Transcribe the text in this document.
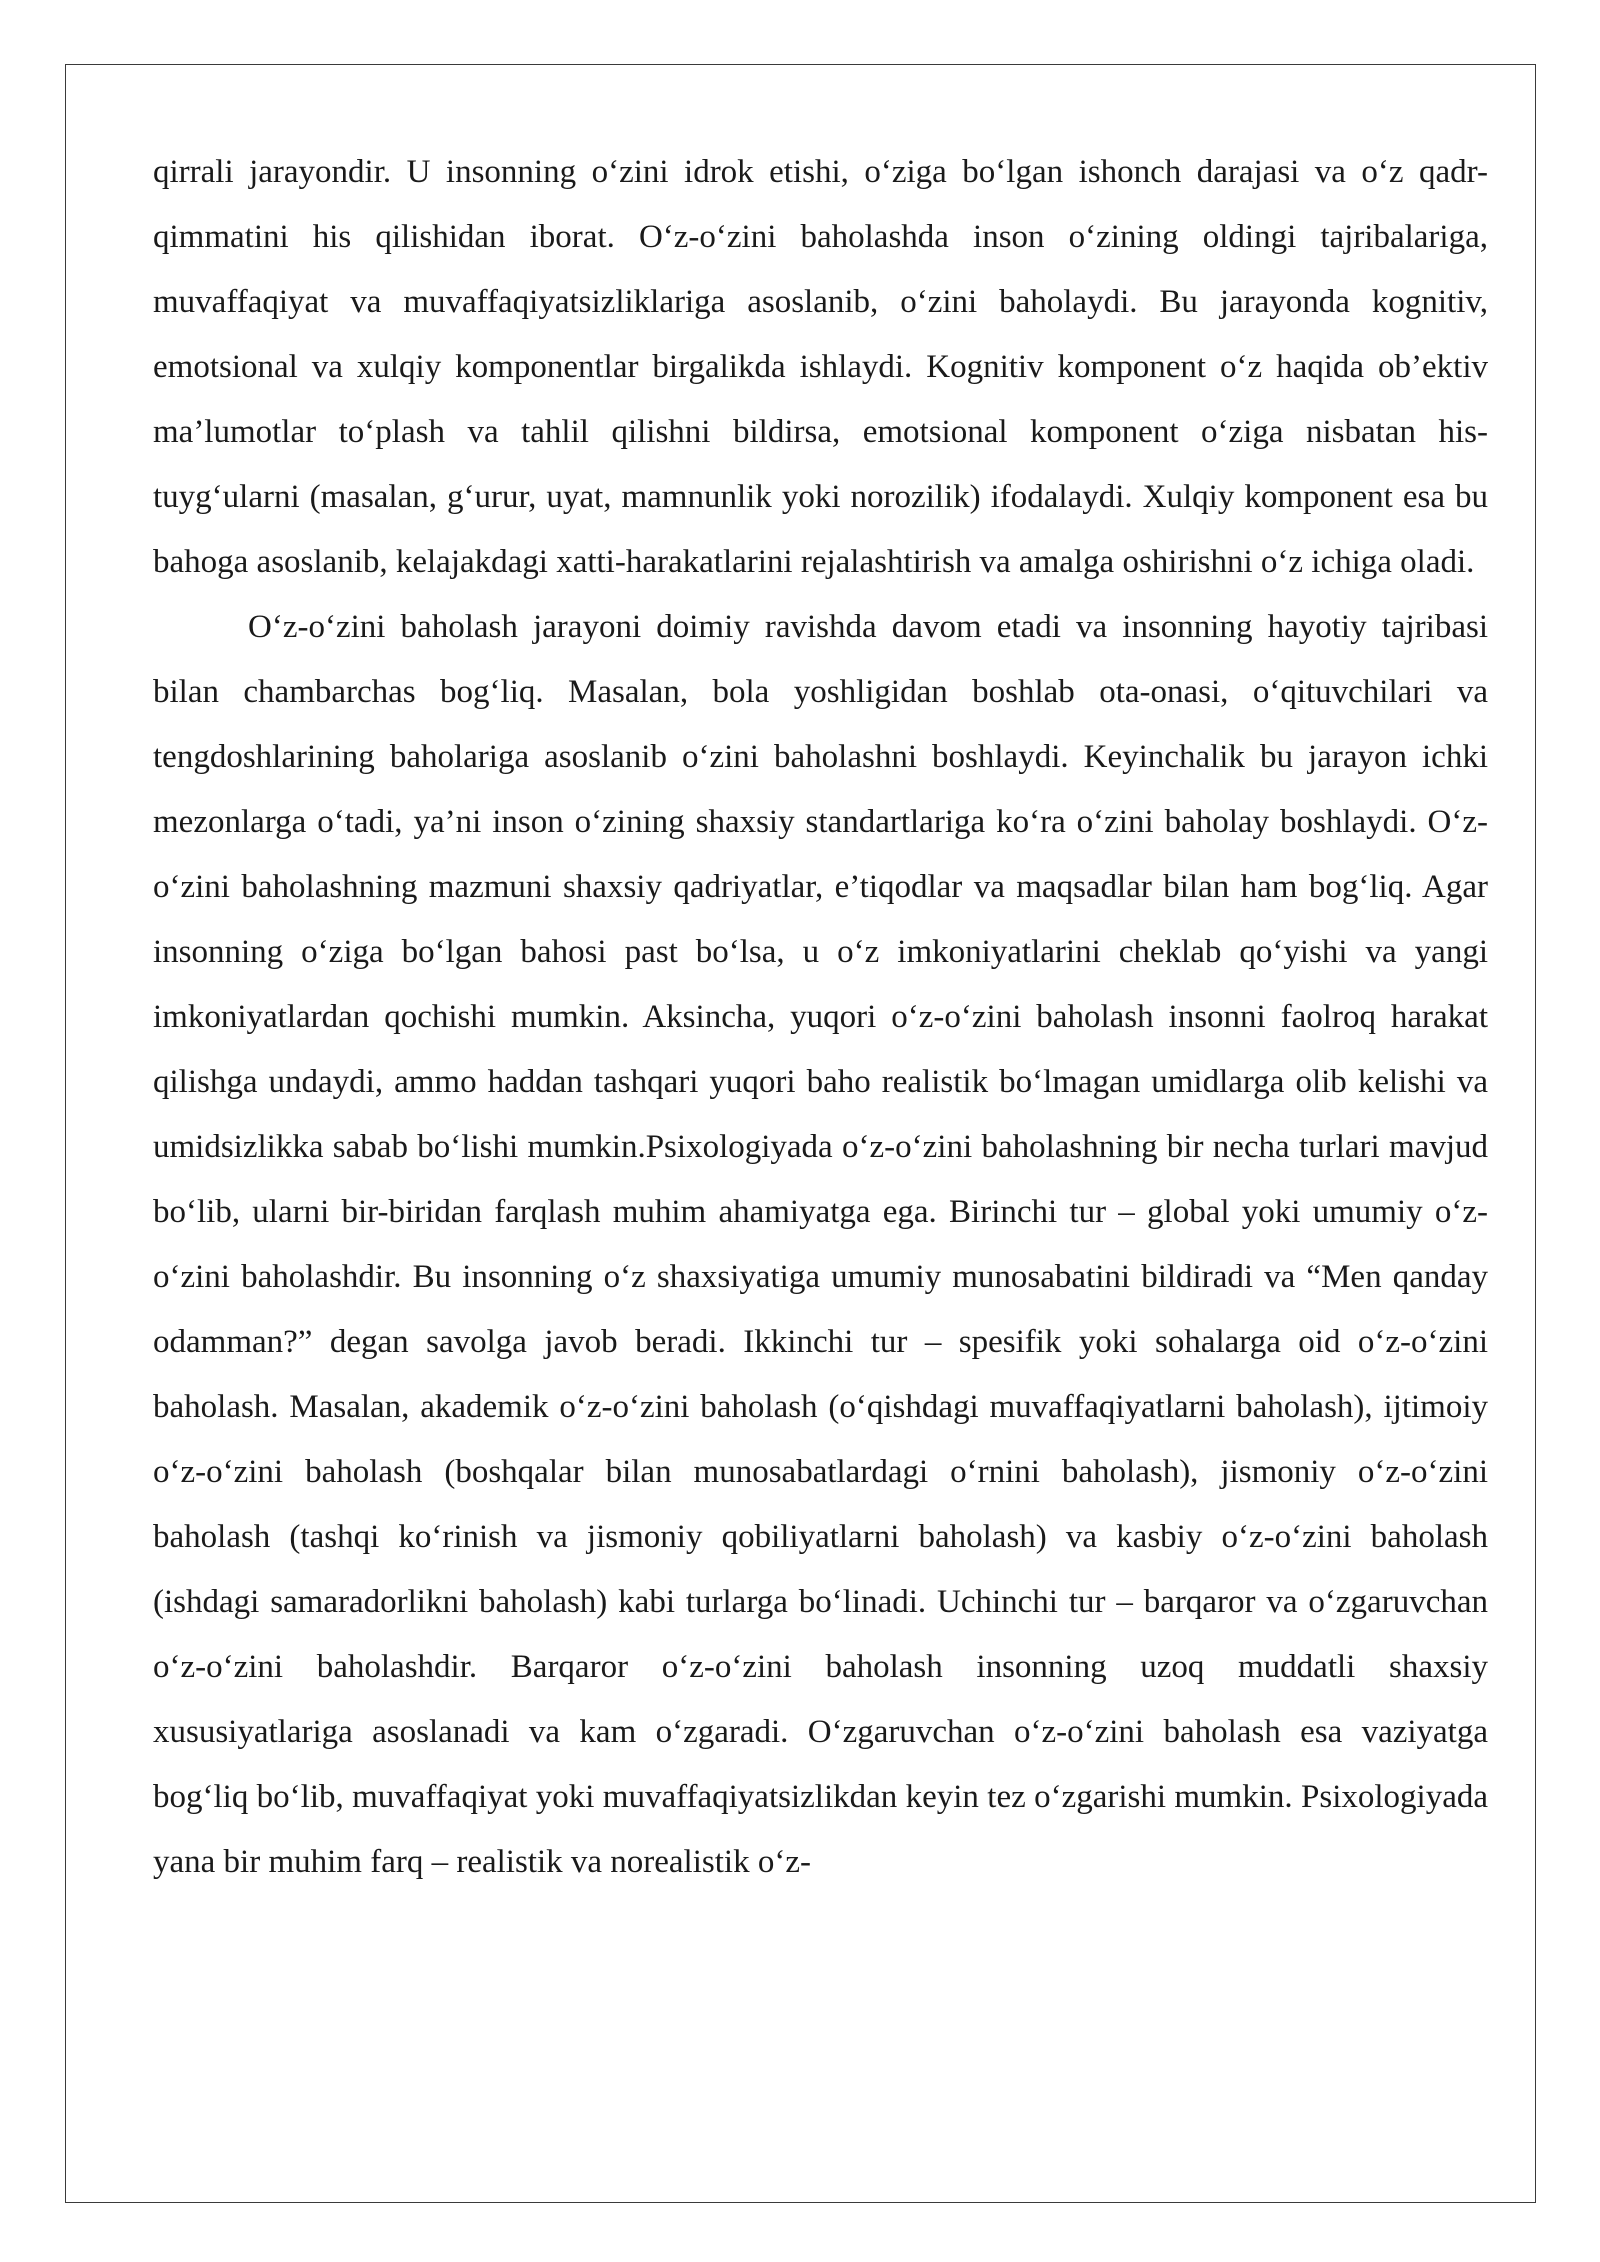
qirrali jarayondir. U insonning o‘zini idrok etishi, o‘ziga bo‘lgan ishonch darajasi va o‘z qadr-qimmatini his qilishidan iborat. O‘z-o‘zini baholashda inson o‘zining oldingi tajribalariga, muvaffaqiyat va muvaffaqiyatsizliklariga asoslanib, o‘zini baholaydi. Bu jarayonda kognitiv, emotsional va xulqiy komponentlar birgalikda ishlaydi. Kognitiv komponent o‘z haqida ob’ektiv ma’lumotlar to‘plash va tahlil qilishni bildirsa, emotsional komponent o‘ziga nisbatan his-tuyg‘ularni (masalan, g‘urur, uyat, mamnunlik yoki norozilik) ifodalaydi. Xulqiy komponent esa bu bahoga asoslanib, kelajakdagi xatti-harakatlarini rejalashtirish va amalga oshirishni o‘z ichiga oladi.

O‘z-o‘zini baholash jarayoni doimiy ravishda davom etadi va insonning hayotiy tajribasi bilan chambarchas bog‘liq. Masalan, bola yoshligidan boshlab ota-onasi, o‘qituvchilari va tengdoshlarining baholariga asoslanib o‘zini baholashni boshlaydi. Keyinchalik bu jarayon ichki mezonlarga o‘tadi, ya’ni inson o‘zining shaxsiy standartlariga ko‘ra o‘zini baholay boshlaydi. O‘z-o‘zini baholashning mazmuni shaxsiy qadriyatlar, e’tiqodlar va maqsadlar bilan ham bog‘liq. Agar insonning o‘ziga bo‘lgan bahosi past bo‘lsa, u o‘z imkoniyatlarini cheklab qo‘yishi va yangi imkoniyatlardan qochishi mumkin. Aksincha, yuqori o‘z-o‘zini baholash insonni faolroq harakat qilishga undaydi, ammo haddan tashqari yuqori baho realistik bo‘lmagan umidlarga olib kelishi va umidsizlikka sabab bo‘lishi mumkin.Psixologiyada o‘z-o‘zini baholashning bir necha turlari mavjud bo‘lib, ularni bir-biridan farqlash muhim ahamiyatga ega. Birinchi tur – global yoki umumiy o‘z-o‘zini baholashdir. Bu insonning o‘z shaxsiyatiga umumiy munosabatini bildiradi va “Men qanday odamman?” degan savolga javob beradi. Ikkinchi tur – spesifik yoki sohalarga oid o‘z-o‘zini baholash. Masalan, akademik o‘z-o‘zini baholash (o‘qishdagi muvaffaqiyatlarni baholash), ijtimoiy o‘z-o‘zini baholash (boshqalar bilan munosabatlardagi o‘rnini baholash), jismoniy o‘z-o‘zini baholash (tashqi ko‘rinish va jismoniy qobiliyatlarni baholash) va kasbiy o‘z-o‘zini baholash (ishdagi samaradorlikni baholash) kabi turlarga bo‘linadi. Uchinchi tur – barqaror va o‘zgaruvchan o‘z-o‘zini baholashdir. Barqaror o‘z-o‘zini baholash insonning uzoq muddatli shaxsiy xususiyatlariga asoslanadi va kam o‘zgaradi. O‘zgaruvchan o‘z-o‘zini baholash esa vaziyatga bog‘liq bo‘lib, muvaffaqiyat yoki muvaffaqiyatsizlikdan keyin tez o‘zgarishi mumkin. Psixologiyada yana bir muhim farq – realistik va norealistik o‘z-
